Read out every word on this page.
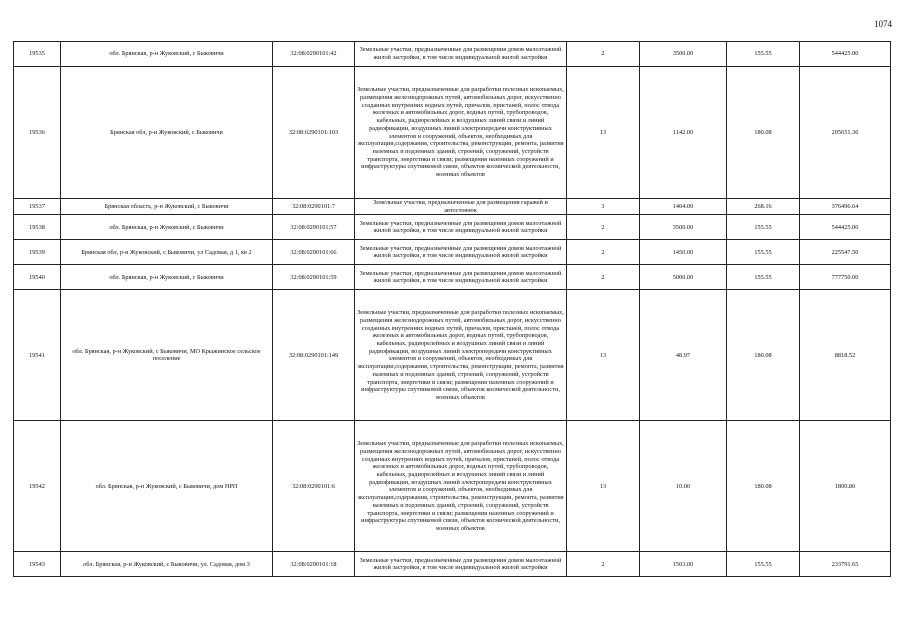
1074
19535	обл. Брянская, р-н Жуковский, с Быковичи	32:08:0290101:42	Земельные участки, предназначенные для размещения домов малоэтажной жилой застройки, в том числе индивидуальной жилой застройки	2	3500.00	155.55	544425.00
19536	Брянская обл, р-н Жуковский, с Быковичи	32:08:0290101:103	Земельные участки, предназначенные для разработки полезных ископаемых, размещения железнодорожных путей, автомобильных дорог, искусственно созданных внутренних водных путей, причалов, пристаней, полос отвода железных и автомобильных дорог, водных путей, трубопроводов, кабельных, радиорелейных и воздушных линий связи и линий радиофикации, воздушных линий электропередачи конструктивных элементов и сооружений, объектов, необходимых для эксплуатации,содержания, строительства, реконструкции, ремонта, развития наземных и подземных зданий, строений, сооружений, устройств транспорта, энергетики и связи; размещения наземных сооружений и инфраструктуры спутниковой связи, объектов космической деятельности, военных объектов	13	1142.00	180.08	205651.36
19537	Брянская область, р-н Жуковский, с Быковичи	32:08:0290101:7	Земельные участки, предназначенные для размещения гаражей и автостоянок	3	1404.00	268.16	376496.64
19538	обл. Брянская, р-н Жуковский, с Быковичи	32:08:0290101:57	Земельные участки, предназначенные для размещения домов малоэтажной жилой застройки, в том числе индивидуальной жилой застройки	2	3500.00	155.55	544425.00
19539	Брянская обл, р-н Жуковский, с Быковичи, ул Садовая, д 1, кв 2	32:08:0290101:66	Земельные участки, предназначенные для размещения домов малоэтажной жилой застройки, в том числе индивидуальной жилой застройки	2	1450.00	155.55	225547.50
19540	обл. Брянская, р-н Жуковский, с Быковичи	32:08:0290101:59	Земельные участки, предназначенные для размещения домов малоэтажной жилой застройки, в том числе индивидуальной жилой застройки	2	5000.00	155.55	777750.00
19541	обл. Брянская, р-н Жуковский, с Быковичи, МО Крыжинское сельское поселение	32:08:0290101:149	Земельные участки, предназначенные для разработки полезных ископаемых, размещения железнодорожных путей, автомобильных дорог, искусственно созданных внутренних водных путей, причалов, пристаней, полос отвода железных и автомобильных дорог, водных путей, трубопроводов, кабельных, радиорелейных и воздушных линий связи и линий радиофикации, воздушных линий электропередачи конструктивных элементов и сооружений, объектов, необходимых для эксплуатации,содержания, строительства, реконструкции, ремонта, развития наземных и подземных зданий, строений, сооружений, устройств транспорта, энергетики и связи; размещения наземных сооружений и инфраструктуры спутниковой связи, объектов космической деятельности, военных объектов	13	48.97	180.08	8818.52
19542	обл. Брянская, р-н Жуковский, с Быковичи, дом НРП	32:08:0290101:6	Земельные участки, предназначенные для разработки полезных ископаемых, размещения железнодорожных путей, автомобильных дорог, искусственно созданных внутренних водных путей, причалов, пристаней, полос отвода железных и автомобильных дорог, водных путей, трубопроводов, кабельных, радиорелейных и воздушных линий связи и линий радиофикации, воздушных линий электропередачи конструктивных элементов и сооружений, объектов, необходимых для эксплуатации,содержания, строительства, реконструкции, ремонта, развития наземных и подземных зданий, строений, сооружений, устройств транспорта, энергетики и связи; размещения наземных сооружений и инфраструктуры спутниковой связи, объектов космической деятельности, военных объектов	13	10.00	180.08	1800.80
19543	обл. Брянская, р-н Жуковский, с Быковичи, ул. Садовая, дом 3	32:08:0290101:18	Земельные участки, предназначенные для размещения домов малоэтажной жилой застройки, в том числе индивидуальной жилой застройки	2	1503.00	155.55	233791.65
